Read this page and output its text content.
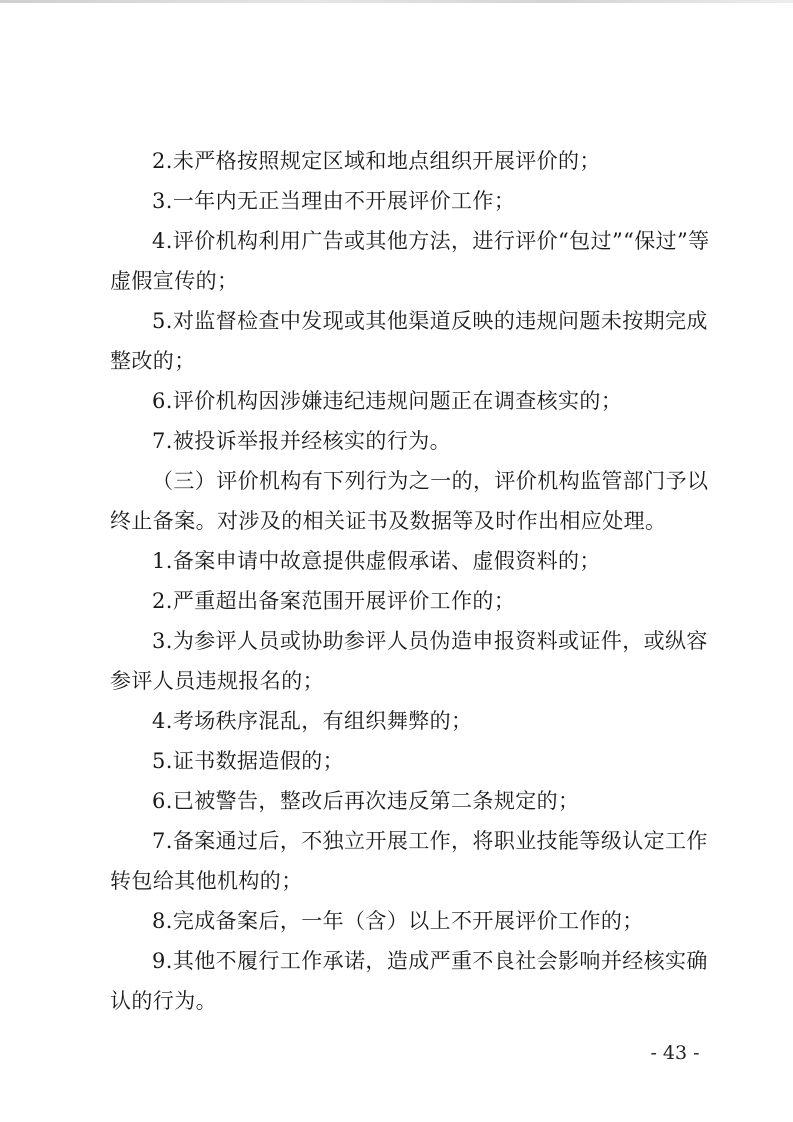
2.未严格按照规定区域和地点组织开展评价的；
3.一年内无正当理由不开展评价工作；
4.评价机构利用广告或其他方法，进行评价“包过”“保过”等
虚假宣传的；
5.对监督检查中发现或其他渠道反映的违规问题未按期完成
整改的；
6.评价机构因涉嫌违纪违规问题正在调查核实的；
7.被投诉举报并经核实的行为。
（三）评价机构有下列行为之一的，评价机构监管部门予以
终止备案。对涉及的相关证书及数据等及时作出相应处理。
1.备案申请中故意提供虚假承诺、虚假资料的；
2.严重超出备案范围开展评价工作的；
3.为参评人员或协助参评人员伪造申报资料或证件，或纵容
参评人员违规报名的；
4.考场秩序混乱，有组织舞弊的；
5.证书数据造假的；
6.已被警告，整改后再次违反第二条规定的；
7.备案通过后，不独立开展工作，将职业技能等级认定工作
转包给其他机构的；
8.完成备案后，一年（含）以上不开展评价工作的；
9.其他不履行工作承诺，造成严重不良社会影响并经核实确
认的行为。
- 43 -
